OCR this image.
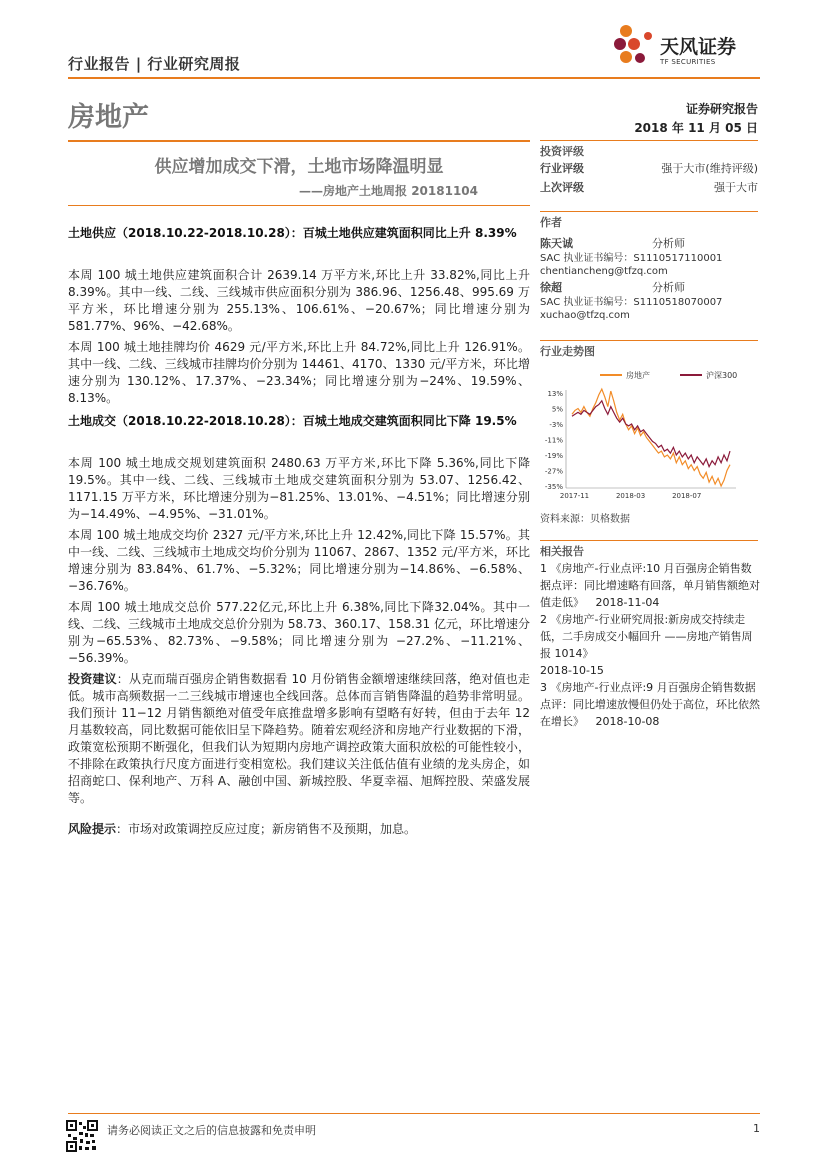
行业报告 | 行业研究周报
天风证券
TF SECURITIES
房地产	证券研究报告
2018 年 11 月 05 日
供应增加成交下滑，土地市场降温明显
——房地产土地周报 20181104
土地供应（2018.10.22-2018.10.28）：百城土地供应建筑面积同比上升 8.39%
本周 100 城土地供应建筑面积合计 2639.14 万平方米,环比上升 33.82%,同比上升 8.39%。其中一线、二线、三线城市供应面积分别为 386.96、1256.48、995.69 万平方米，环比增速分别为 255.13%、106.61%、−20.67%；同比增速分别为 581.77%、96%、−42.68%。
本周 100 城土地挂牌均价 4629 元/平方米,环比上升 84.72%,同比上升 126.91%。其中一线、二线、三线城市挂牌均价分别为 14461、4170、1330 元/平方米，环比增速分别为 130.12%、17.37%、−23.34%；同比增速分别为−24%、19.59%、8.13%。
土地成交（2018.10.22-2018.10.28）：百城土地成交建筑面积同比下降 19.5%
本周 100 城土地成交规划建筑面积 2480.63 万平方米,环比下降 5.36%,同比下降 19.5%。其中一线、二线、三线城市土地成交建筑面积分别为 53.07、1256.42、1171.15 万平方米，环比增速分别为−81.25%、13.01%、−4.51%；同比增速分别为−14.49%、−4.95%、−31.01%。
本周 100 城土地成交均价 2327 元/平方米,环比上升 12.42%,同比下降 15.57%。其中一线、二线、三线城市土地成交均价分别为 11067、2867、1352 元/平方米，环比增速分别为 83.84%、61.7%、−5.32%；同比增速分别为−14.86%、−6.58%、−36.76%。
本周 100 城土地成交总价 577.22亿元,环比上升 6.38%,同比下降32.04%。其中一线、二线、三线城市土地成交总价分别为 58.73、360.17、158.31 亿元，环比增速分别为−65.53%、82.73%、−9.58%；同比增速分别为 −27.2%、−11.21%、−56.39%。
投资建议：从克而瑞百强房企销售数据看 10 月份销售金额增速继续回落，绝对值也走低。城市高频数据一二三线城市增速也全线回落。总体而言销售降温的趋势非常明显。我们预计 11−12 月销售额绝对值受年底推盘增多影响有望略有好转，但由于去年 12 月基数较高，同比数据可能依旧呈下降趋势。随着宏观经济和房地产行业数据的下滑，政策宽松预期不断强化，但我们认为短期内房地产调控政策大面积放松的可能性较小，不排除在政策执行尺度方面进行变相宽松。我们建议关注低估值有业绩的龙头房企，如招商蛇口、保利地产、万科 A、融创中国、新城控股、华夏幸福、旭辉控股、荣盛发展等。
风险提示：市场对政策调控反应过度；新房销售不及预期，加息。
投资评级
行业评级	强于大市(维持评级)
上次评级	强于大市
作者
陈天诚	分析师
SAC 执业证书编号：S1110517110001
chentiancheng@tfzq.com
徐超	分析师
SAC 执业证书编号：S1110518070007
xuchao@tfzq.com
行业走势图
房地产	沪深300
13%
5%
-3%
-11%
-19%
-27%
-35%
2017-11	2018-03	2018-07
资料来源：贝格数据
相关报告
1 《房地产-行业点评:10 月百强房企销售数据点评：同比增速略有回落，单月销售额绝对值走低》 2018-11-04
2 《房地产-行业研究周报:新房成交持续走低，二手房成交小幅回升 ——房地产销售周报 1014》
2018-10-15
3 《房地产-行业点评:9 月百强房企销售数据点评：同比增速放慢但仍处于高位，环比依然在增长》 2018-10-08
请务必阅读正文之后的信息披露和免责申明	1
